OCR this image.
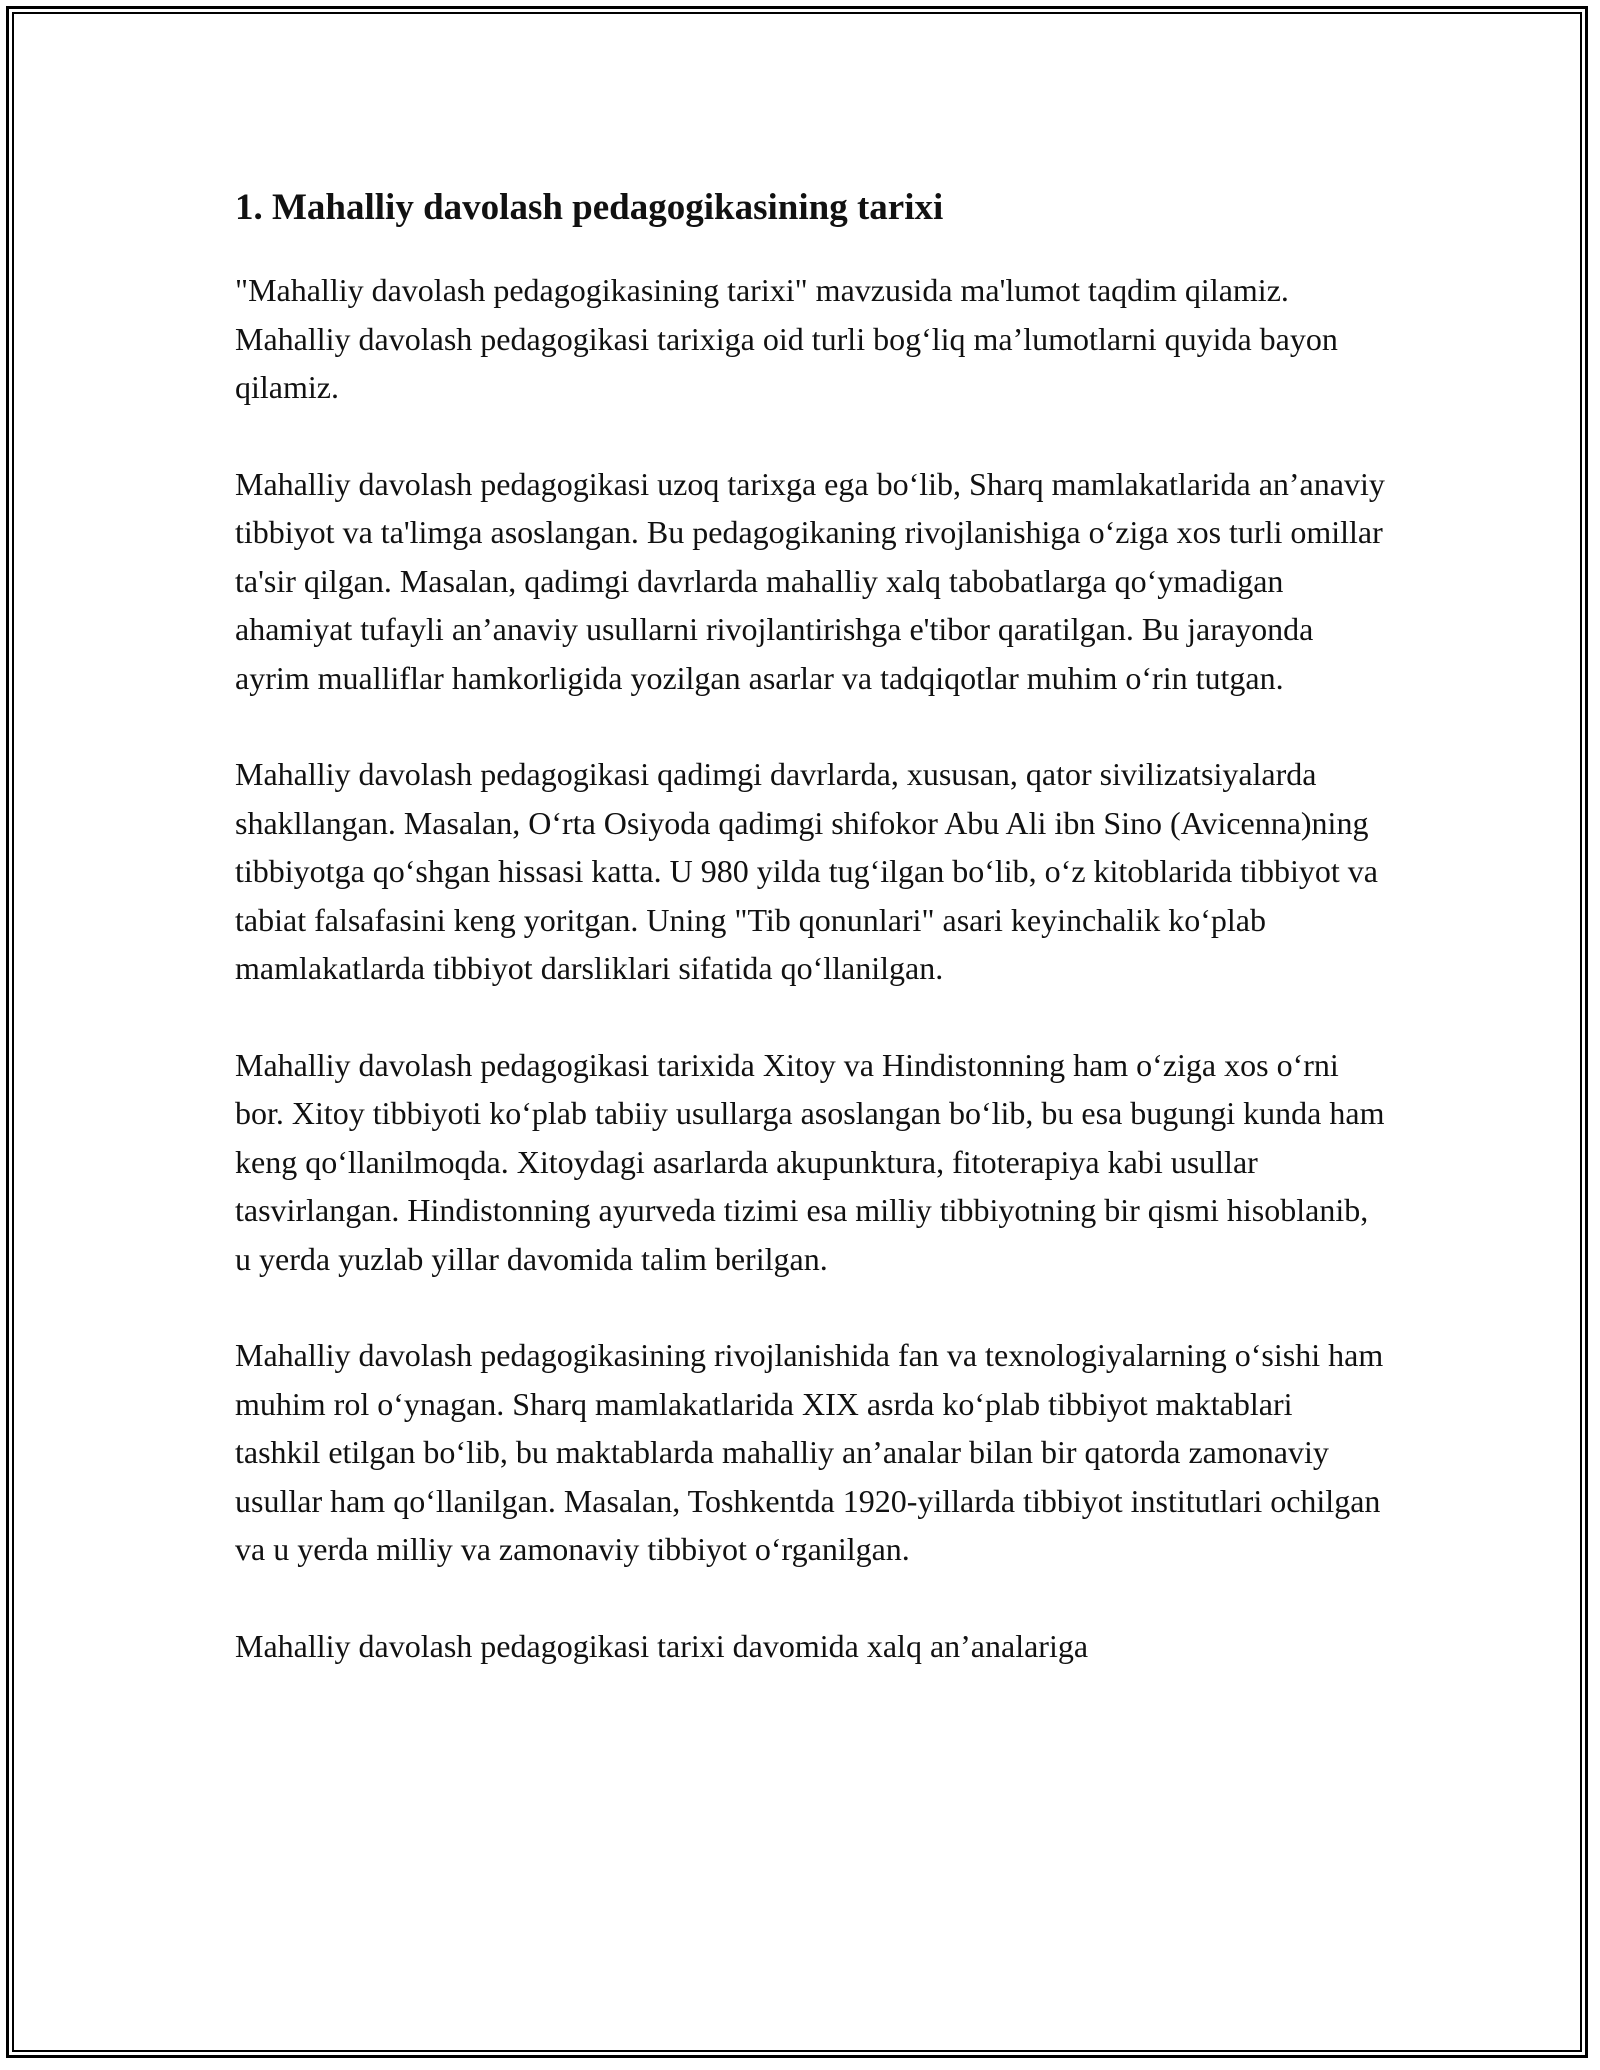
1. Mahalliy davolash pedagogikasining tarixi

"Mahalliy davolash pedagogikasining tarixi" mavzusida ma'lumot taqdim qilamiz. Mahalliy davolash pedagogikasi tarixiga oid turli bog‘liq ma’lumotlarni quyida bayon qilamiz.

Mahalliy davolash pedagogikasi uzoq tarixga ega bo‘lib, Sharq mamlakatlarida an’anaviy tibbiyot va ta'limga asoslangan. Bu pedagogikaning rivojlanishiga o‘ziga xos turli omillar ta'sir qilgan. Masalan, qadimgi davrlarda mahalliy xalq tabobatlarga qo‘ymadigan ahamiyat tufayli an’anaviy usullarni rivojlantirishga e'tibor qaratilgan. Bu jarayonda ayrim mualliflar hamkorligida yozilgan asarlar va tadqiqotlar muhim o‘rin tutgan.

Mahalliy davolash pedagogikasi qadimgi davrlarda, xususan, qator sivilizatsiyalarda shakllangan. Masalan, O‘rta Osiyoda qadimgi shifokor Abu Ali ibn Sino (Avicenna)ning tibbiyotga qo‘shgan hissasi katta. U 980 yilda tug‘ilgan bo‘lib, o‘z kitoblarida tibbiyot va tabiat falsafasini keng yoritgan. Uning "Tib qonunlari" asari keyinchalik ko‘plab mamlakatlarda tibbiyot darsliklari sifatida qo‘llanilgan.

Mahalliy davolash pedagogikasi tarixida Xitoy va Hindistonning ham o‘ziga xos o‘rni bor. Xitoy tibbiyoti ko‘plab tabiiy usullarga asoslangan bo‘lib, bu esa bugungi kunda ham keng qo‘llanilmoqda. Xitoydagi asarlarda akupunktura, fitoterapiya kabi usullar tasvirlangan. Hindistonning ayurveda tizimi esa milliy tibbiyotning bir qismi hisoblanib, u yerda yuzlab yillar davomida talim berilgan.

Mahalliy davolash pedagogikasining rivojlanishida fan va texnologiyalarning o‘sishi ham muhim rol o‘ynagan. Sharq mamlakatlarida XIX asrda ko‘plab tibbiyot maktablari tashkil etilgan bo‘lib, bu maktablarda mahalliy an’analar bilan bir qatorda zamonaviy usullar ham qo‘llanilgan. Masalan, Toshkentda 1920-yillarda tibbiyot institutlari ochilgan va u yerda milliy va zamonaviy tibbiyot o‘rganilgan.

Mahalliy davolash pedagogikasi tarixi davomida xalq an’analariga
